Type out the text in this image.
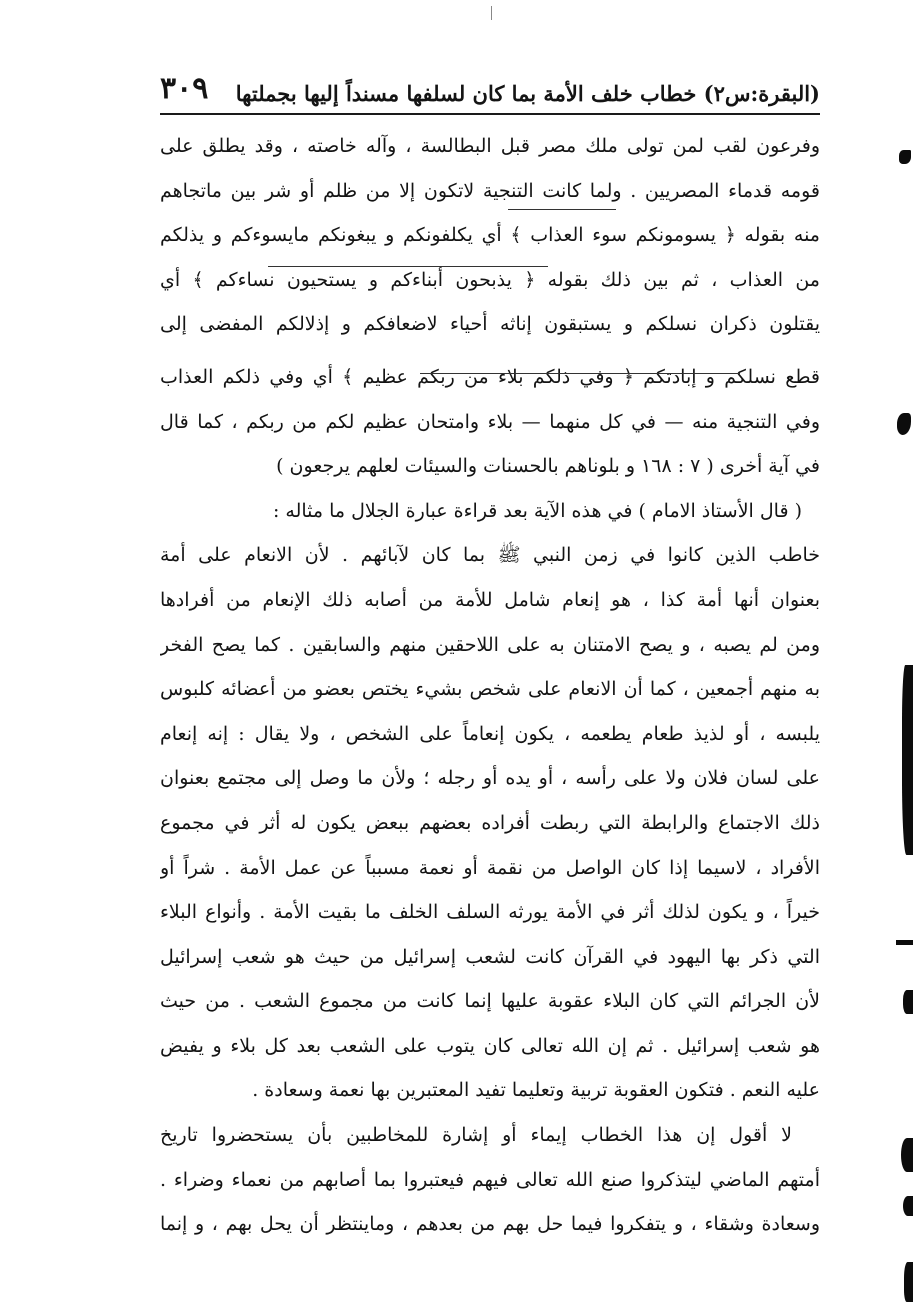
(البقرة:س٢) خطاب خلف الأمة بما كان لسلفها مسنداً إليها بجملتها
٣٠٩
وفرعون لقب لمن تولى ملك مصر قبل البطالسة ، وآله خاصته ، وقد يطلق على
قومه قدماء المصريين . ولما كانت التنجية لاتكون إلا من ظلم أو شر بين ماتجاهم
منه بقوله ﴿ يسومونكم سوء العذاب ﴾ أي يكلفونكم و يبغونكم مايسوءكم و يذلكم
من العذاب ، ثم بين ذلك بقوله ﴿ يذبحون أبناءكم و يستحيون نساءكم ﴾ أي
يقتلون ذكران نسلكم و يستبقون إناثه أحياء لاضعافكم و إذلالكم المفضى إلى
قطع نسلكم و إبادتكم ﴿ وفي ذلكم بلاء من ربكم عظيم ﴾ أي وفي ذلكم العذاب
وفي التنجية منه — في كل منهما — بلاء وامتحان عظيم لكم من ربكم ، كما قال
في آية أخرى ( ٧ : ١٦٨ و بلوناهم بالحسنات والسيئات لعلهم يرجعون )
( قال الأستاذ الامام ) في هذه الآية بعد قراءة عبارة الجلال ما مثاله :
خاطب الذين كانوا في زمن النبي ﷺ بما كان لآبائهم . لأن الانعام على أمة
بعنوان أنها أمة كذا ، هو إنعام شامل للأمة من أصابه ذلك الإنعام من أفرادها
ومن لم يصبه ، و يصح الامتنان به على اللاحقين منهم والسابقين . كما يصح الفخر
به منهم أجمعين ، كما أن الانعام على شخص بشيء يختص بعضو من أعضائه كلبوس
يلبسه ، أو لذيذ طعام يطعمه ، يكون إنعاماً على الشخص ، ولا يقال : إنه إنعام
على لسان فلان ولا على رأسه ، أو يده أو رجله ؛ ولأن ما وصل إلى مجتمع بعنوان
ذلك الاجتماع والرابطة التي ربطت أفراده بعضهم ببعض يكون له أثر في مجموع
الأفراد ، لاسيما إذا كان الواصل من نقمة أو نعمة مسبباً عن عمل الأمة . شراً أو
خيراً ، و يكون لذلك أثر في الأمة يورثه السلف الخلف ما بقيت الأمة . وأنواع البلاء
التي ذكر بها اليهود في القرآن كانت لشعب إسرائيل من حيث هو شعب إسرائيل
لأن الجرائم التي كان البلاء عقوبة عليها إنما كانت من مجموع الشعب . من حيث
هو شعب إسرائيل . ثم إن الله تعالى كان يتوب على الشعب بعد كل بلاء و يفيض
عليه النعم . فتكون العقوبة تربية وتعليما تفيد المعتبرين بها نعمة وسعادة .
لا أقول إن هذا الخطاب إيماء أو إشارة للمخاطبين بأن يستحضروا تاريخ
أمتهم الماضي ليتذكروا صنع الله تعالى فيهم فيعتبروا بما أصابهم من نعماء وضراء .
وسعادة وشقاء ، و يتفكروا فيما حل بهم من بعدهم ، وماينتظر أن يحل بهم ، و إنما
